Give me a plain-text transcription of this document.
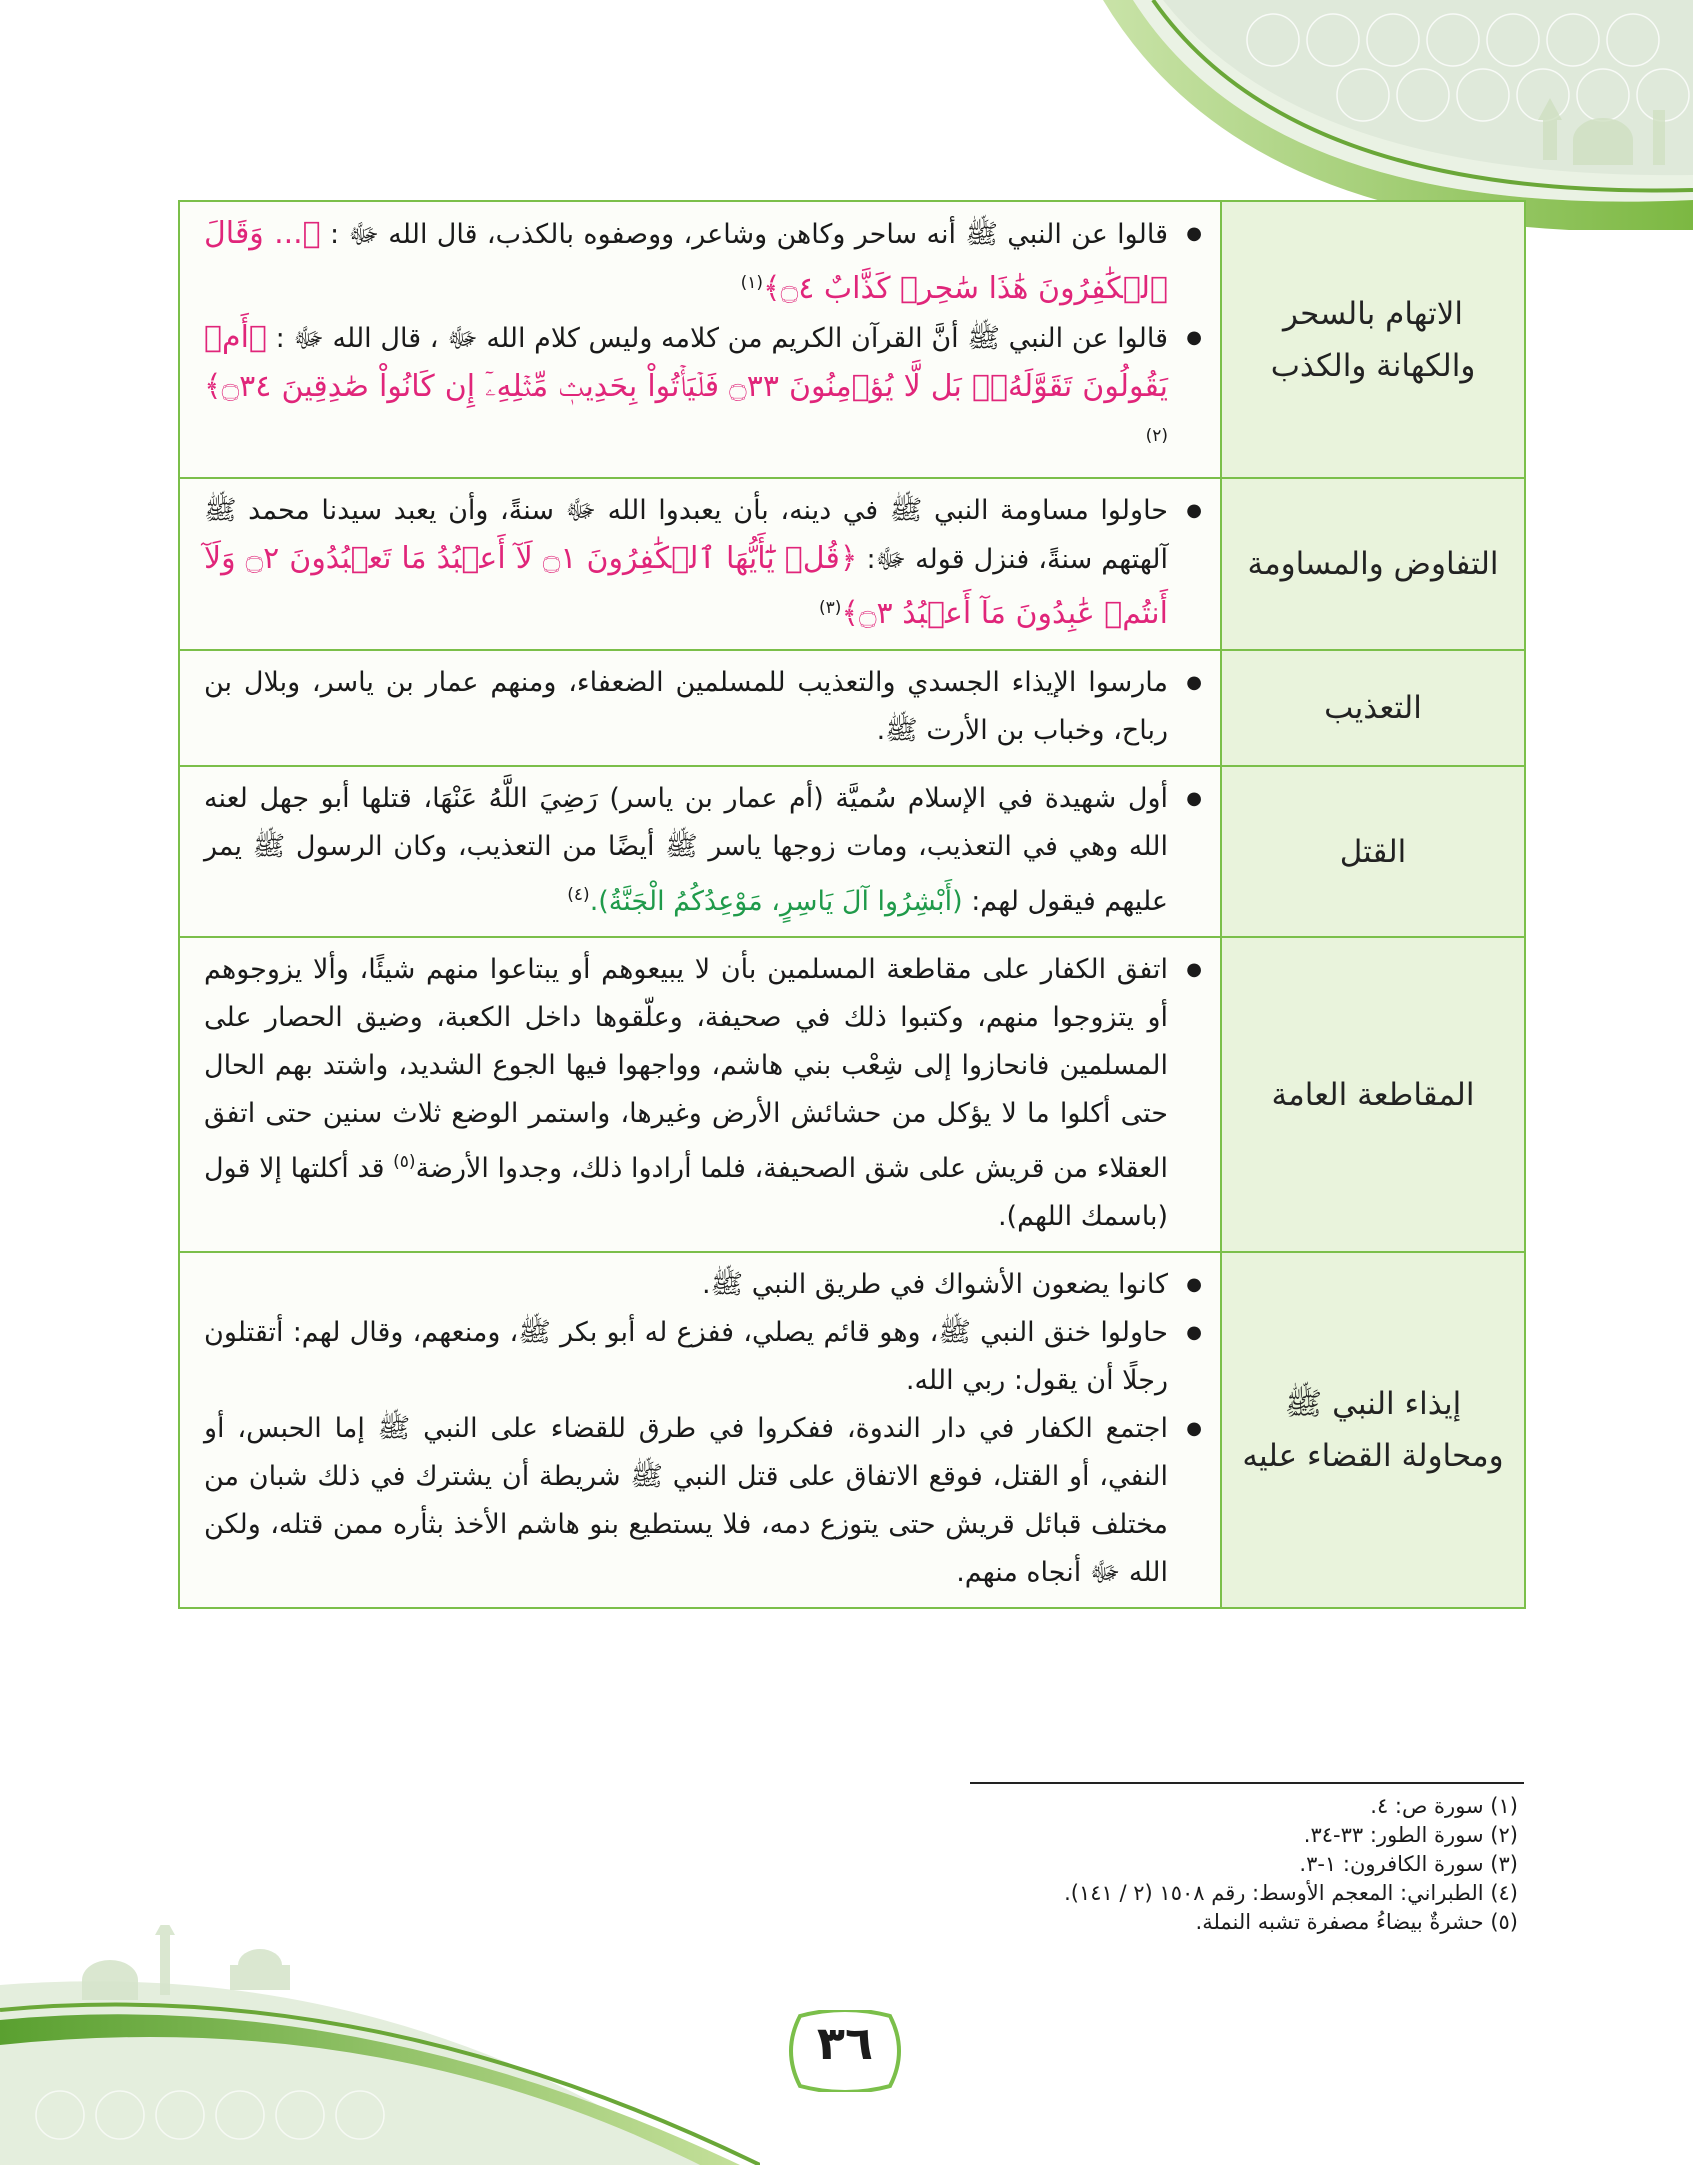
الاتهام بالسحر والكهانة والكذب	● قالوا عن النبي ﷺ أنه ساحر وكاهن وشاعر، ووصفوه بالكذب، قال الله ﷻ : ﴿... وَقَالَ ٱلۡكَٰفِرُونَ هَٰذَا سَٰحِرٞ كَذَّابٌ ۝٤﴾$^{(١)}$
● قالوا عن النبي ﷺ أنَّ القرآن الكريم من كلامه وليس كلام الله ﷻ ، قال الله ﷻ : ﴿أَمۡ يَقُولُونَ تَقَوَّلَهُۥۚ بَل لَّا يُؤۡمِنُونَ ۝٣٣ فَلۡيَأۡتُواْ بِحَدِيثٖ مِّثۡلِهِۦٓ إِن كَانُواْ صَٰدِقِينَ ۝٣٤﴾$^{(٢)}$

التفاوض والمساومة	● حاولوا مساومة النبي ﷺ في دينه، بأن يعبدوا الله ﷻ سنةً، وأن يعبد سيدنا محمد ﷺ آلهتهم سنةً، فنزل قوله ﷻ: ﴿قُلۡ يَٰٓأَيُّهَا ٱلۡكَٰفِرُونَ ۝١ لَآ أَعۡبُدُ مَا تَعۡبُدُونَ ۝٢ وَلَآ أَنتُمۡ عَٰبِدُونَ مَآ أَعۡبُدُ ۝٣﴾$^{(٣)}$

التعذيب	● مارسوا الإيذاء الجسدي والتعذيب للمسلمين الضعفاء، ومنهم عمار بن ياسر، وبلال بن رباح، وخباب بن الأرت ﷺ.

القتل	● أول شهيدة في الإسلام سُميَّة (أم عمار بن ياسر) رَضِيَ اللَّهُ عَنْهَا، قتلها أبو جهل لعنه الله وهي في التعذيب، ومات زوجها ياسر ﷺ أيضًا من التعذيب، وكان الرسول ﷺ يمر عليهم فيقول لهم: (أَبْشِرُوا آلَ يَاسِرٍ، مَوْعِدُكُمُ الْجَنَّةُ).$^{(٤)}$

المقاطعة العامة	● اتفق الكفار على مقاطعة المسلمين بأن لا يبيعوهم أو يبتاعوا منهم شيئًا، وألا يزوجوهم أو يتزوجوا منهم، وكتبوا ذلك في صحيفة، وعلّقوها داخل الكعبة، وضيق الحصار على المسلمين فانحازوا إلى شِعْب بني هاشم، وواجهوا فيها الجوع الشديد، واشتد بهم الحال حتى أكلوا ما لا يؤكل من حشائش الأرض وغيرها، واستمر الوضع ثلاث سنين حتى اتفق العقلاء من قريش على شق الصحيفة، فلما أرادوا ذلك، وجدوا الأرضة$^{(٥)}$ قد أكلتها إلا قول (باسمك اللهم).

إيذاء النبي ﷺ ومحاولة القضاء عليه	● كانوا يضعون الأشواك في طريق النبي ﷺ.
● حاولوا خنق النبي ﷺ، وهو قائم يصلي، ففزع له أبو بكر ﷺ، ومنعهم، وقال لهم: أتقتلون رجلًا أن يقول: ربي الله.
● اجتمع الكفار في دار الندوة، ففكروا في طرق للقضاء على النبي ﷺ إما الحبس، أو النفي، أو القتل، فوقع الاتفاق على قتل النبي ﷺ شريطة أن يشترك في ذلك شبان من مختلف قبائل قريش حتى يتوزع دمه، فلا يستطيع بنو هاشم الأخذ بثأره ممن قتله، ولكن الله ﷻ أنجاه منهم.
(١) سورة ص: ٤.
(٢) سورة الطور: ٣٣-٣٤.
(٣) سورة الكافرون: ١-٣.
(٤) الطبراني: المعجم الأوسط: رقم ١٥٠٨ (٢ / ١٤١).
(٥) حشرةٌ بيضاءُ مصفرة تشبه النملة.
٣٦
